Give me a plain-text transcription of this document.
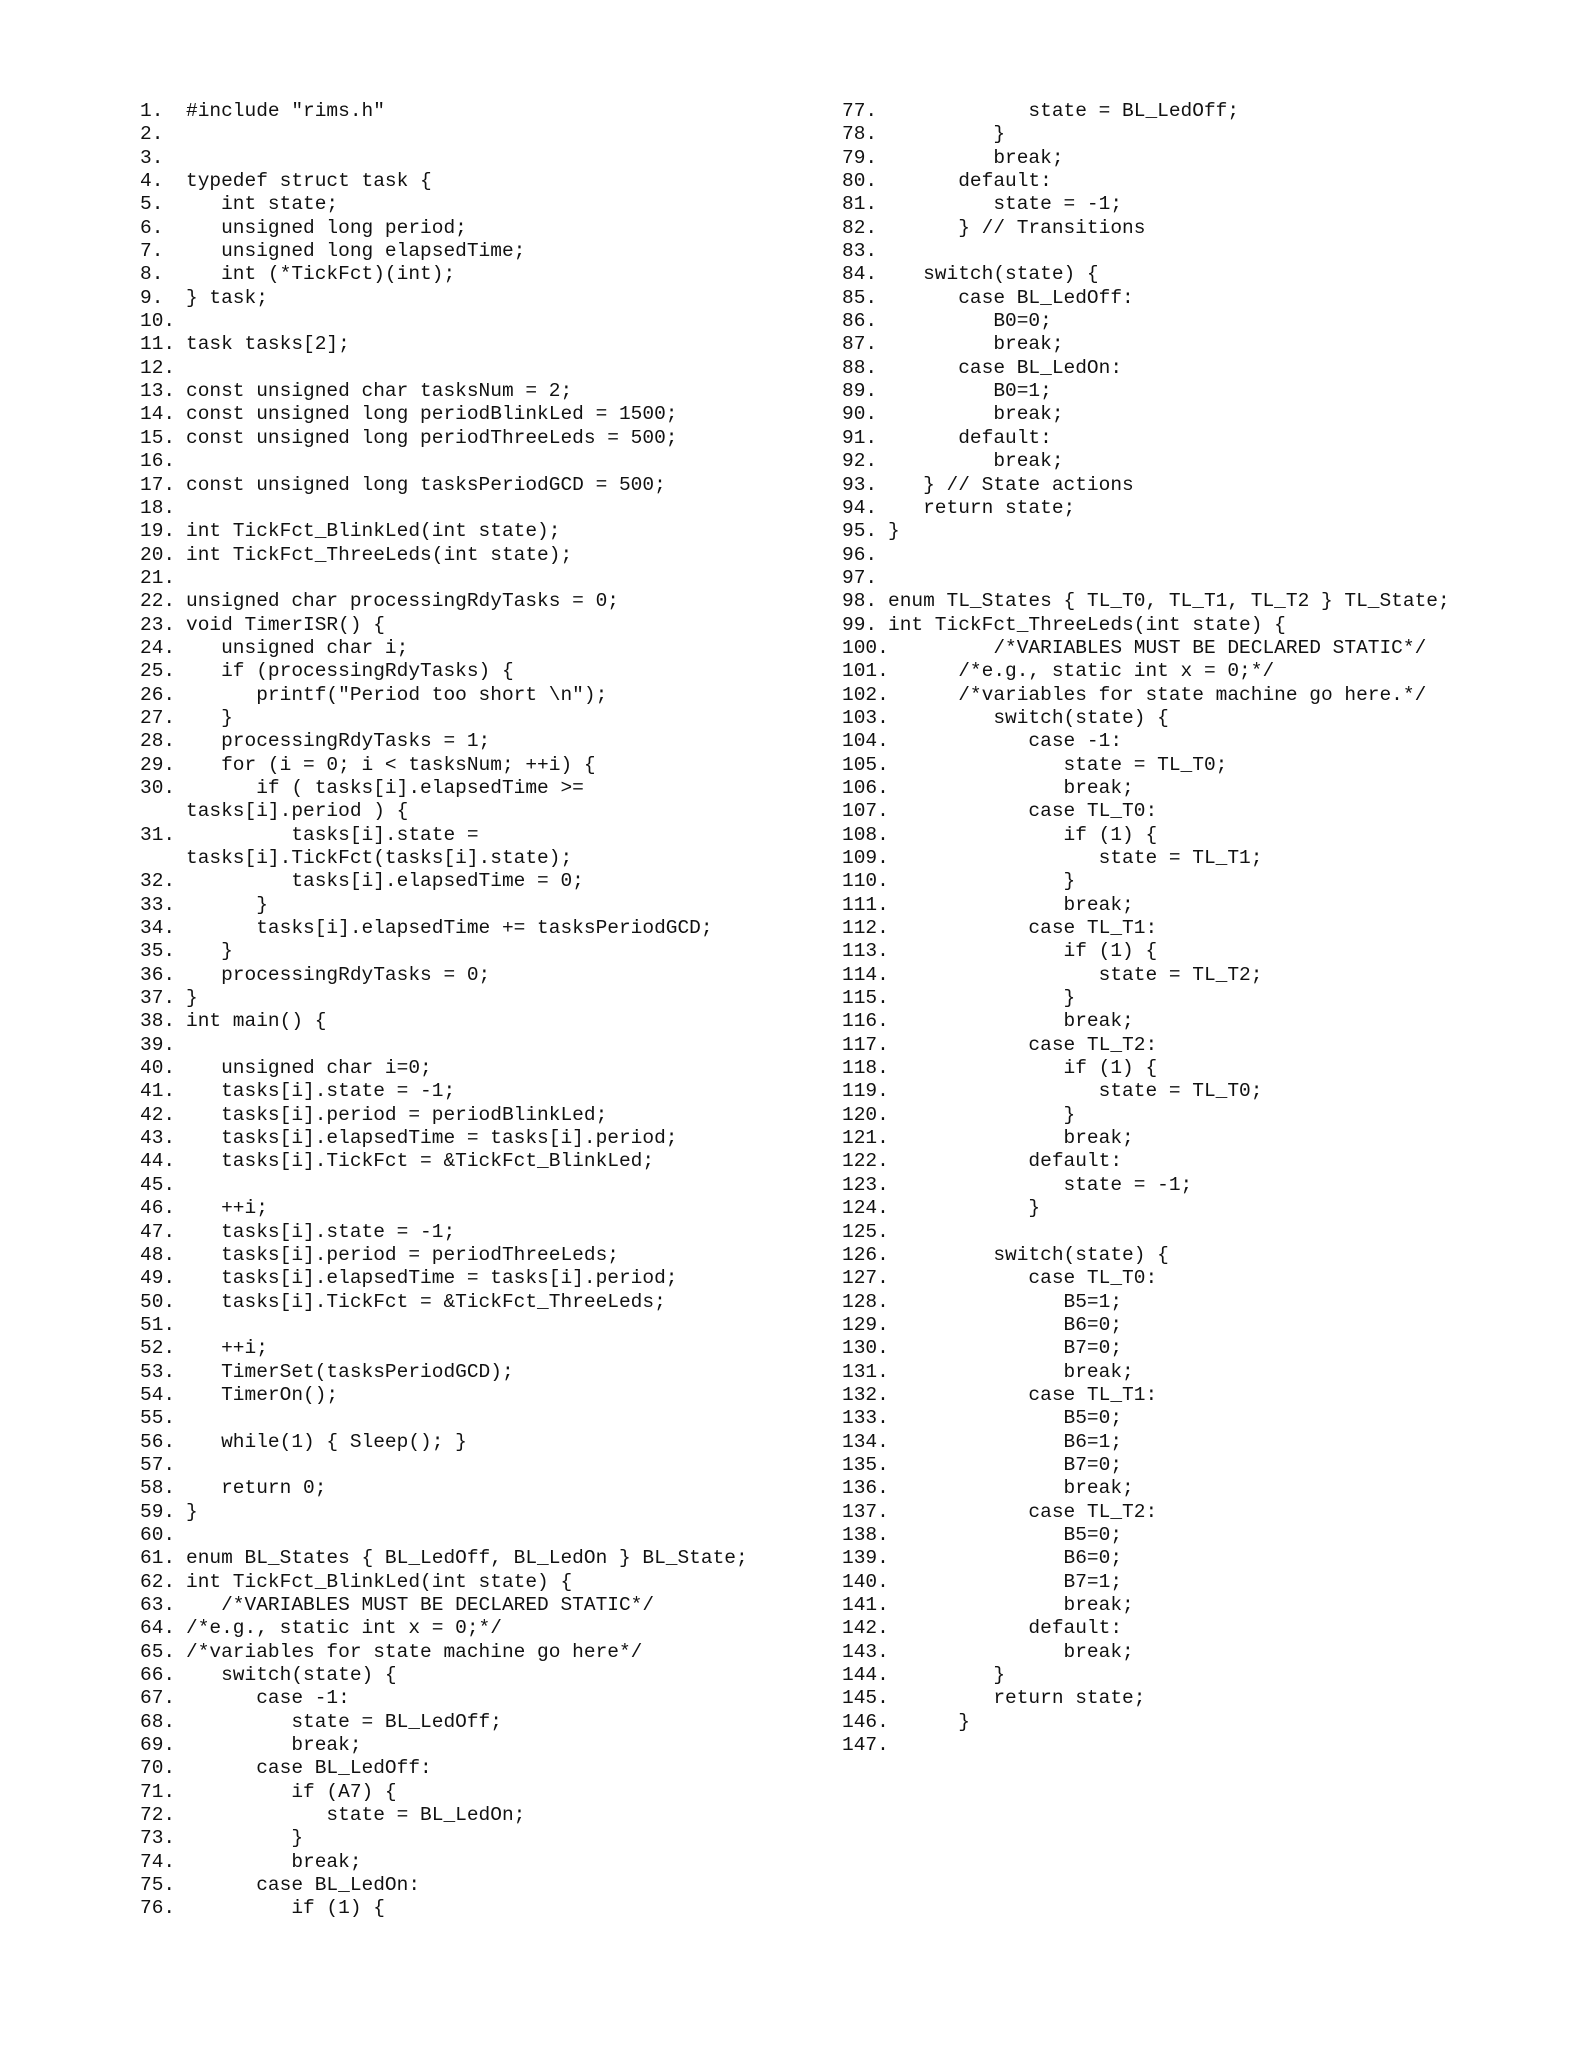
1. #include "rims.h"
2.
3.
4. typedef struct task {
5.   int state;
6.   unsigned long period;
7.   unsigned long elapsedTime;
8.   int (*TickFct)(int);
9. } task;
10.
11. task tasks[2];
12.
13. const unsigned char tasksNum = 2;
14. const unsigned long periodBlinkLed = 1500;
15. const unsigned long periodThreeLeds = 500;
16.
17. const unsigned long tasksPeriodGCD = 500;
18.
19. int TickFct_BlinkLed(int state);
20. int TickFct_ThreeLeds(int state);
21.
22. unsigned char processingRdyTasks = 0;
23. void TimerISR() {
24.   unsigned char i;
25.   if (processingRdyTasks) {
26.      printf("Period too short \n");
27.   }
28.   processingRdyTasks = 1;
29.   for (i = 0; i < tasksNum; ++i) {
30.      if ( tasks[i].elapsedTime >=
tasks[i].period ) {
31.         tasks[i].state =
tasks[i].TickFct(tasks[i].state);
32.         tasks[i].elapsedTime = 0;
33.      }
34.      tasks[i].elapsedTime += tasksPeriodGCD;
35.   }
36.   processingRdyTasks = 0;
37. }
38. int main() {
39.
40.   unsigned char i=0;
41.   tasks[i].state = -1;
42.   tasks[i].period = periodBlinkLed;
43.   tasks[i].elapsedTime = tasks[i].period;
44.   tasks[i].TickFct = &TickFct_BlinkLed;
45.
46.   ++i;
47.   tasks[i].state = -1;
48.   tasks[i].period = periodThreeLeds;
49.   tasks[i].elapsedTime = tasks[i].period;
50.   tasks[i].TickFct = &TickFct_ThreeLeds;
51.
52.   ++i;
53.   TimerSet(tasksPeriodGCD);
54.   TimerOn();
55.
56.   while(1) { Sleep(); }
57.
58.   return 0;
59. }
60.
61. enum BL_States { BL_LedOff, BL_LedOn } BL_State;
62. int TickFct_BlinkLed(int state) {
63.   /*VARIABLES MUST BE DECLARED STATIC*/
64. /*e.g., static int x = 0;*/
65. /*variables for state machine go here*/
66.   switch(state) {
67.      case -1:
68.         state = BL_LedOff;
69.         break;
70.      case BL_LedOff:
71.         if (A7) {
72.            state = BL_LedOn;
73.         }
74.         break;
75.      case BL_LedOn:
76.         if (1) {
77.            state = BL_LedOff;
78.         }
79.         break;
80.      default:
81.         state = -1;
82.      } // Transitions
83.
84.   switch(state) {
85.      case BL_LedOff:
86.         B0=0;
87.         break;
88.      case BL_LedOn:
89.         B0=1;
90.         break;
91.      default:
92.         break;
93.   } // State actions
94.   return state;
95. }
96.
97.
98. enum TL_States { TL_T0, TL_T1, TL_T2 } TL_State;
99. int TickFct_ThreeLeds(int state) {
100.         /*VARIABLES MUST BE DECLARED STATIC*/
101.      /*e.g., static int x = 0;*/
102.      /*variables for state machine go here.*/
103.         switch(state) {
104.            case -1:
105.               state = TL_T0;
106.               break;
107.            case TL_T0:
108.               if (1) {
109.                  state = TL_T1;
110.               }
111.               break;
112.            case TL_T1:
113.               if (1) {
114.                  state = TL_T2;
115.               }
116.               break;
117.            case TL_T2:
118.               if (1) {
119.                  state = TL_T0;
120.               }
121.               break;
122.            default:
123.               state = -1;
124.            }
125.
126.         switch(state) {
127.            case TL_T0:
128.               B5=1;
129.               B6=0;
130.               B7=0;
131.               break;
132.            case TL_T1:
133.               B5=0;
134.               B6=1;
135.               B7=0;
136.               break;
137.            case TL_T2:
138.               B5=0;
139.               B6=0;
140.               B7=1;
141.               break;
142.            default:
143.               break;
144.         }
145.         return state;
146.      }
147.
